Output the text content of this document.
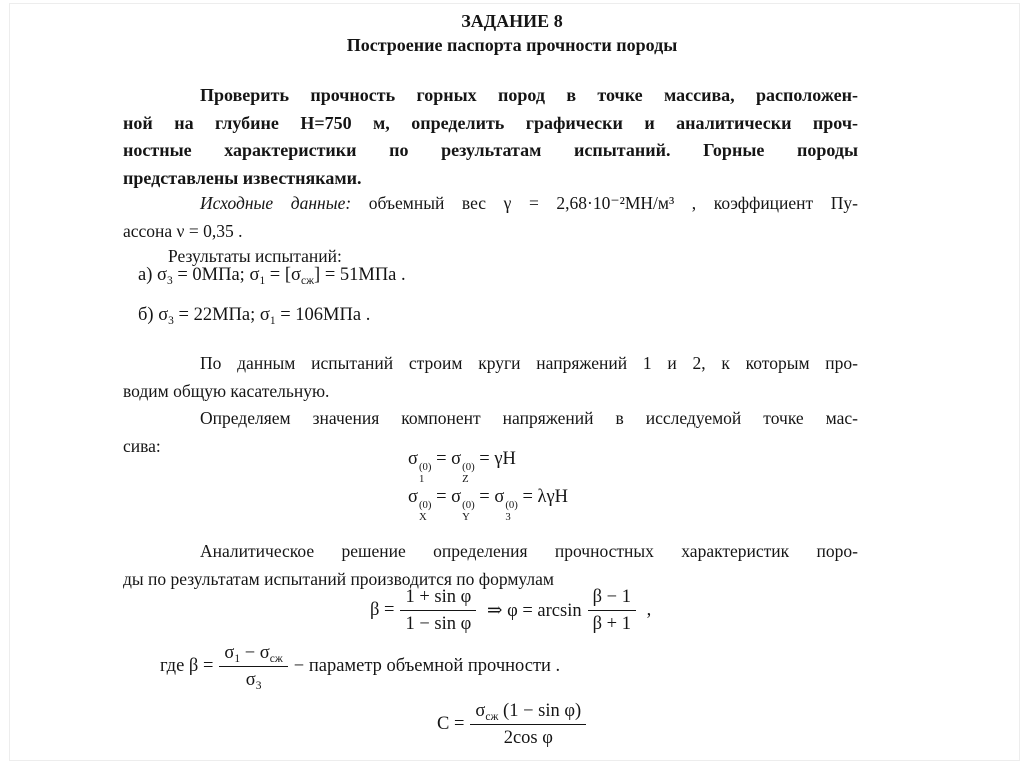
ЗАДАНИЕ 8
Построение паспорта прочности породы
Проверить прочность горных пород в точке массива, расположен-
ной на глубине Н=750 м, определить графически и аналитически проч-
ностные характеристики по результатам испытаний. Горные породы
представлены известняками.
Исходные данные: объемный вес γ = 2,68·10⁻²МН/м³ , коэффициент Пу-
ассона ν = 0,35 .
Результаты испытаний:
а) $\sigma_3 = 0МПа$; $\sigma_1 = [\sigma_{сж}] = 51МПа$ .
б) $\sigma_3 = 22МПа$; $\sigma_1 = 106МПа$ .
По данным испытаний строим круги напряжений 1 и 2, к которым про-
водим общую касательную.
Определяем значения компонент напряжений в исследуемой точке мас-
сива:
σ (0)
1
= σ (0)
Z
= γН
σ (0)
X
= σ (0)
Y
= σ (0)
3
= λγН
Аналитическое решение определения прочностных характеристик поро-
ды по результатам испытаний производится по формулам
$\beta = \frac{\text{1 + sin φ}}{\text{1 − sin φ}}$ ⇒ $\varphi = \arcsin \frac{\beta - 1}{\beta + 1}$ ,
где $\beta = \frac{\sigma_1 - \sigma_{сж}}{\sigma_3}$ − параметр объемной прочности .
$C = \frac{\sigma_{сж} (1 - \sin \varphi)}{\text{2cos φ}}$
